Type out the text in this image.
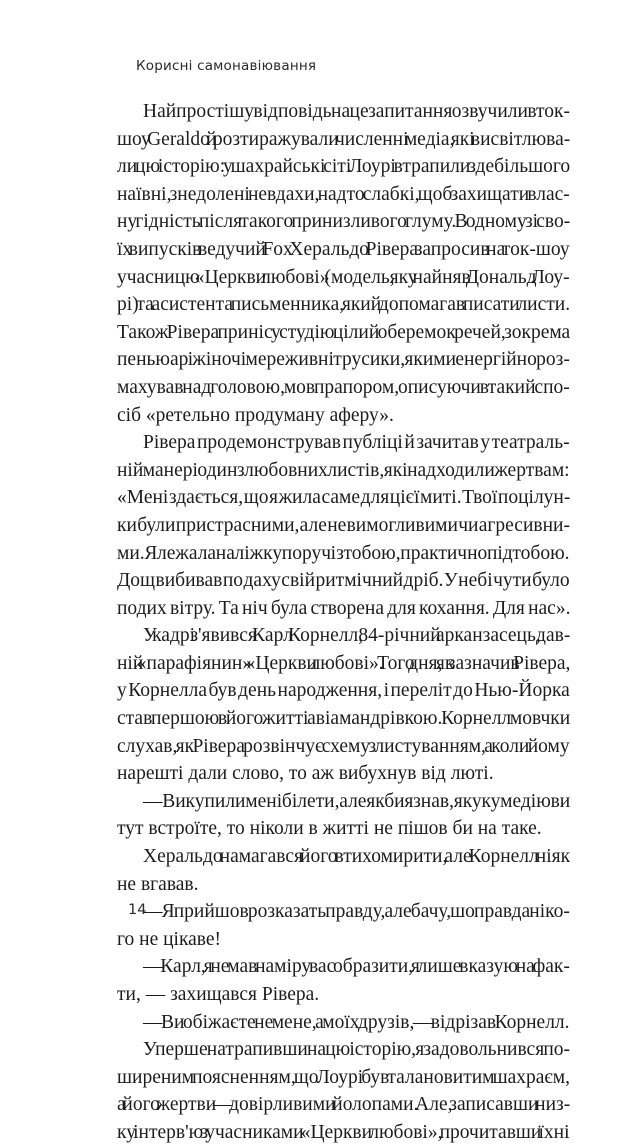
Корисні самонавіювання
Найпростішу відповідь на це запитання озвучили в ток-
шоу Geraldo й розтиражували численні медіа, які висвітлюва-
ли цю історію: у шахрайські сіті Лоурі втрапили здебільшого
наївні, знедолені невдахи, надто слабкі, щоб захищати влас-
ну гідність після такого принизливого глуму. В одному зі сво-
їх випусків ведучий Fox Херальдо Рівера запросив на ток-шоу
учасницю «Церкви любові» (модель, яку найняв Дональд Лоу-
рі) та асистента письменника, який допомагав писати листи.
Також Рівера приніс у студію цілий оберемок речей, зокрема
пеньюар і жіночі мереживні трусики, якими енергійно роз-
махував над головою, мов прапором, описуючи в такий спо-
сіб «ретельно продуману аферу».
Рівера продемонстрував публіці й зачитав у театраль-
ній манері один з любовних листів, які надходили жертвам:
«Мені здається, що я жила саме для цієї миті. Твої поцілун-
ки були пристрасними, але не вимогливими чи агресивни-
ми. Я лежала на ліжку поруч із тобою, практично під тобою.
Дощ вибивав по даху свій ритмічний дріб. У небі чути було
подих вітру. Та ніч була створена для кохання. Для нас».
У кадрі з'явився Карл Корнелл, 84-річний арканзасець, дав-
ній «парафіянин» «Церкви любові». Того дня, як зазначив Рівера,
у Корнелла був день народження, і переліт до Нью-Йорка
став першою в його житті авіамандрівкою. Корнелл мовчки
слухав, як Рівера розвінчує схему з листуванням, а коли йому
нарешті дали слово, то аж вибухнув від люті.
— Ви купили мені білети, але якби я знав, яку кумедію ви
тут встроїте, то ніколи в житті не пішов би на таке.
Херальдо намагався його втихомирити, але Корнелл ніяк
не вгавав.
— Я прийшов розказать правду, але бачу, шо правда ніко-
го не цікаве!
— Карл, я не мав наміру вас образити, я лише вказую на фак-
ти, — захищався Рівера.
— Ви обіжаєте не мене, а моїх друзів, — відрізав Корнелл.
Уперше натрапивши на цю історію, я задовольнився по-
ширеним поясненням, що Лоурі був талановитим шахраєм,
а його жертви — довірливими йолопами. Але, записавши низ-
ку інтерв'ю з учасниками «Церкви любові», прочитавши їхні
14
